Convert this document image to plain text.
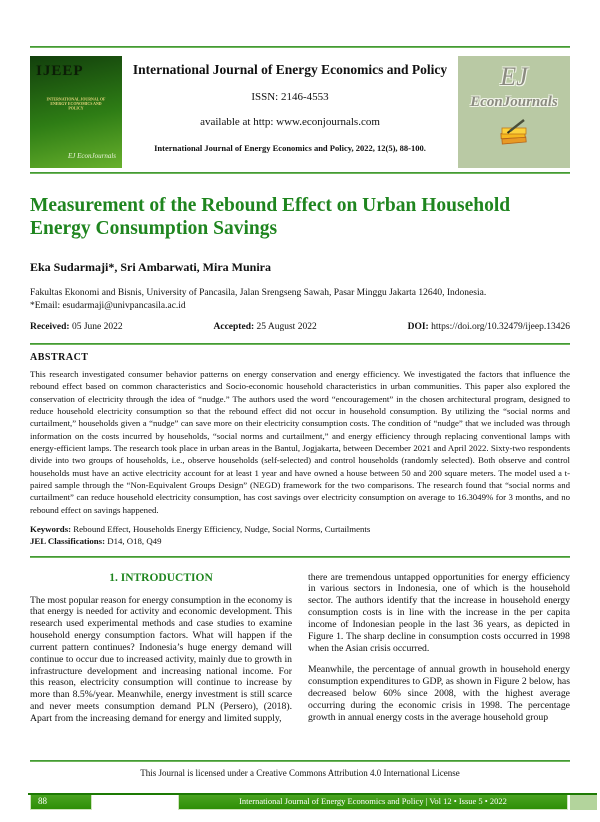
IJEEP
INTERNATIONAL JOURNAL OF
ENERGY ECONOMICS AND POLICY
EJ EconJournals
International Journal of Energy Economics and Policy
ISSN: 2146-4553
available at http: www.econjournals.com
International Journal of Energy Economics and Policy, 2022, 12(5), 88-100.
EJ
EconJournals
Measurement of the Rebound Effect on Urban Household Energy Consumption Savings
Eka Sudarmaji*, Sri Ambarwati, Mira Munira
Fakultas Ekonomi and Bisnis, University of Pancasila, Jalan Srengseng Sawah, Pasar Minggu Jakarta 12640, Indonesia.
*Email: esudarmaji@univpancasila.ac.id
Received: 05 June 2022	Accepted: 25 August 2022	DOI: https://doi.org/10.32479/ijeep.13426
ABSTRACT

This research investigated consumer behavior patterns on energy conservation and energy efficiency. We investigated the factors that influence the rebound effect based on common characteristics and Socio-economic household characteristics in urban communities. This paper also explored the conservation of electricity through the idea of “nudge.” The authors used the word “encouragement” in the chosen architectural program, designed to reduce household electricity consumption so that the rebound effect did not occur in household consumption. By utilizing the “social norms and curtailment,” households given a “nudge” can save more on their electricity consumption costs. The condition of “nudge” that we included was through information on the costs incurred by households, “social norms and curtailment,” and energy efficiency through replacing conventional lamps with energy-efficient lamps. The research took place in urban areas in the Bantul, Jogjakarta, between December 2021 and April 2022. Sixty-two respondents divide into two groups of households, i.e., observe households (self-selected) and control households (randomly selected). Both observe and control households must have an active electricity account for at least 1 year and have owned a house between 50 and 200 square meters. The model used a t-paired sample through the “Non-Equivalent Groups Design” (NEGD) framework for the two comparisons. The research found that “social norms and curtailment” can reduce household electricity consumption, has cost savings over electricity consumption on average to 16.3049% for 3 months, and no rebound effect on savings happened.

Keywords: Rebound Effect, Households Energy Efficiency, Nudge, Social Norms, Curtailments
JEL Classifications: D14, O18, Q49
1. INTRODUCTION

The most popular reason for energy consumption in the economy is that energy is needed for activity and economic development. This research used experimental methods and case studies to examine household energy consumption factors. What will happen if the current pattern continues? Indonesia’s huge energy demand will continue to occur due to increased activity, mainly due to growth in infrastructure development and increasing national income. For this reason, electricity consumption will continue to increase by more than 8.5%/year. Meanwhile, energy investment is still scarce and never meets consumption demand PLN (Persero), (2018). Apart from the increasing demand for energy and limited supply,

there are tremendous untapped opportunities for energy efficiency in various sectors in Indonesia, one of which is the household sector. The authors identify that the increase in household energy consumption costs is in line with the increase in the per capita income of Indonesian people in the last 36 years, as depicted in Figure 1. The sharp decline in consumption costs occurred in 1998 when the Asian crisis occurred.

Meanwhile, the percentage of annual growth in household energy consumption expenditures to GDP, as shown in Figure 2 below, has decreased below 60% since 2008, with the highest average occurring during the economic crisis in 1998. The percentage growth in annual energy costs in the average household group

This Journal is licensed under a Creative Commons Attribution 4.0 International License
88	International Journal of Energy Economics and Policy | Vol 12 • Issue 5 • 2022
